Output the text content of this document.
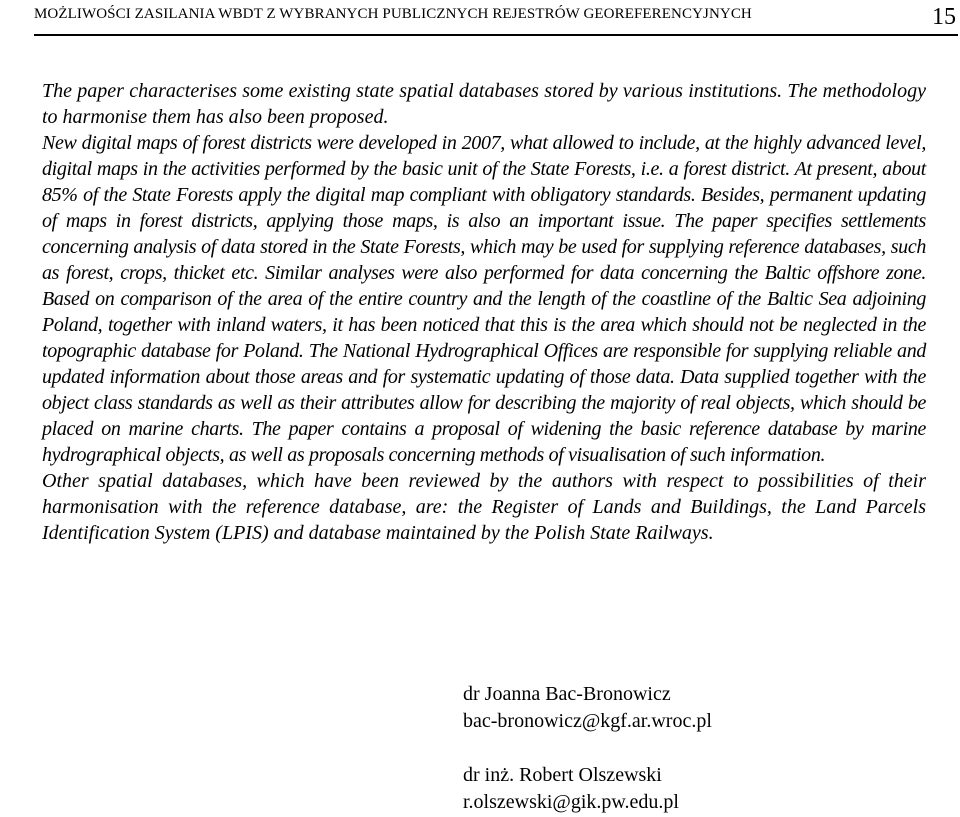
MOŻLIWOŚCI ZASILANIA WBDT Z WYBRANYCH PUBLICZNYCH REJESTRÓW GEOREFERENCYJNYCH	15

The paper characterises some existing state spatial databases stored by various institutions. The methodology to harmonise them has also been proposed.

New digital maps of forest districts were developed in 2007, what allowed to include, at the highly advanced level, digital maps in the activities performed by the basic unit of the State Forests, i.e. a forest district. At present, about 85% of the State Forests apply the digital map compliant with obligatory standards. Besides, permanent updating of maps in forest districts, applying those maps, is also an important issue. The paper specifies settlements concerning analysis of data stored in the State Forests, which may be used for supplying reference databases, such as forest, crops, thicket etc. Similar analyses were also performed for data concerning the Baltic offshore zone. Based on comparison of the area of the entire country and the length of the coastline of the Baltic Sea adjoining Poland, together with inland waters, it has been noticed that this is the area which should not be neglected in the topographic database for Poland. The National Hydrographical Offices are responsible for supplying reliable and updated information about those areas and for systematic updating of those data. Data supplied together with the object class standards as well as their attributes allow for describing the majority of real objects, which should be placed on marine charts. The paper contains a proposal of widening the basic reference database by marine hydrographical objects, as well as proposals concerning methods of visualisation of such information.

Other spatial databases, which have been reviewed by the authors with respect to possibilities of their harmonisation with the reference database, are: the Register of Lands and Buildings, the Land Parcels Identification System (LPIS) and database maintained by the Polish State Railways.

dr Joanna Bac-Bronowicz
bac-bronowicz@kgf.ar.wroc.pl
dr inż. Robert Olszewski
r.olszewski@gik.pw.edu.pl
